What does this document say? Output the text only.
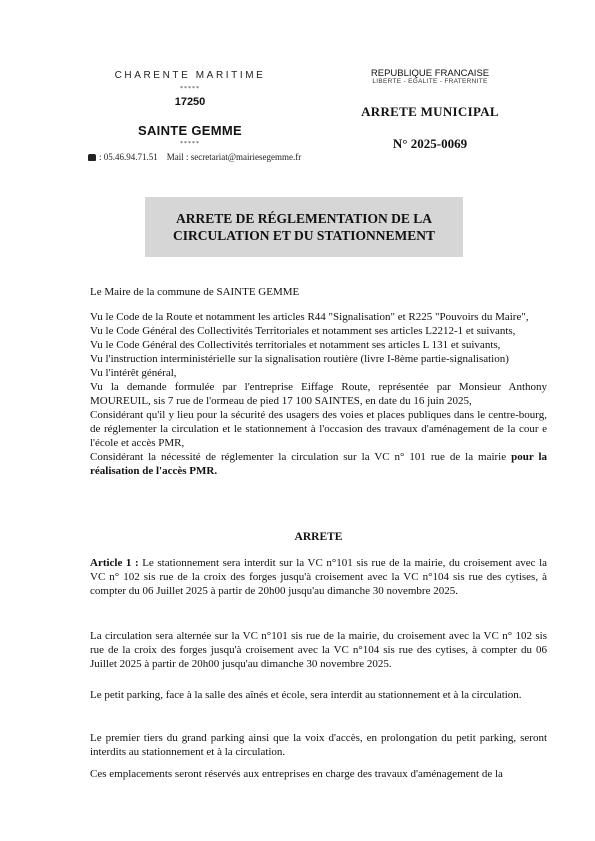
CHARENTE MARITIME
*****
17250
SAINTE GEMME
*****
: 05.46.94.71.51 Mail : secretariat@mairiesegemme.fr
REPUBLIQUE FRANCAISE
LIBERTE - EGALITE - FRATERNITE
ARRETE MUNICIPAL
N° 2025-0069
ARRETE DE RÉGLEMENTATION DE LA
CIRCULATION ET DU STATIONNEMENT
Le Maire de la commune de SAINTE GEMME

Vu le Code de la Route et notamment les articles R44 "Signalisation" et R225 "Pouvoirs du Maire",

Vu le Code Général des Collectivités Territoriales et notamment ses articles L2212-1 et suivants,

Vu le Code Général des Collectivités territoriales et notamment ses articles L 131 et suivants,

Vu l'instruction interministérielle sur la signalisation routière (livre I-8ème partie-signalisation)

Vu l'intérêt général,

Vu la demande formulée par l'entreprise Eiffage Route, représentée par Monsieur Anthony MOUREUIL, sis 7 rue de l'ormeau de pied 17 100 SAINTES, en date du 16 juin 2025,

Considérant qu'il y lieu pour la sécurité des usagers des voies et places publiques dans le centre-bourg, de réglementer la circulation et le stationnement à l'occasion des travaux d'aménagement de la cour e l'école et accès PMR,

Considérant la nécessité de réglementer la circulation sur la VC n° 101 rue de la mairie pour la réalisation de l'accès PMR.

ARRETE
Article 1 : Le stationnement sera interdit sur la VC n°101 sis rue de la mairie, du croisement avec la VC n° 102 sis rue de la croix des forges jusqu'à croisement avec la VC n°104 sis rue des cytises, à compter du 06 Juillet 2025 à partir de 20h00 jusqu'au dimanche 30 novembre 2025.
La circulation sera alternée sur la VC n°101 sis rue de la mairie, du croisement avec la VC n° 102 sis rue de la croix des forges jusqu'à croisement avec la VC n°104 sis rue des cytises, à compter du 06 Juillet 2025 à partir de 20h00 jusqu'au dimanche 30 novembre 2025.
Le petit parking, face à la salle des aînés et école, sera interdit au stationnement et à la circulation.
Le premier tiers du grand parking ainsi que la voix d'accès, en prolongation du petit parking, seront interdits au stationnement et à la circulation.
Ces emplacements seront réservés aux entreprises en charge des travaux d'aménagement de la
